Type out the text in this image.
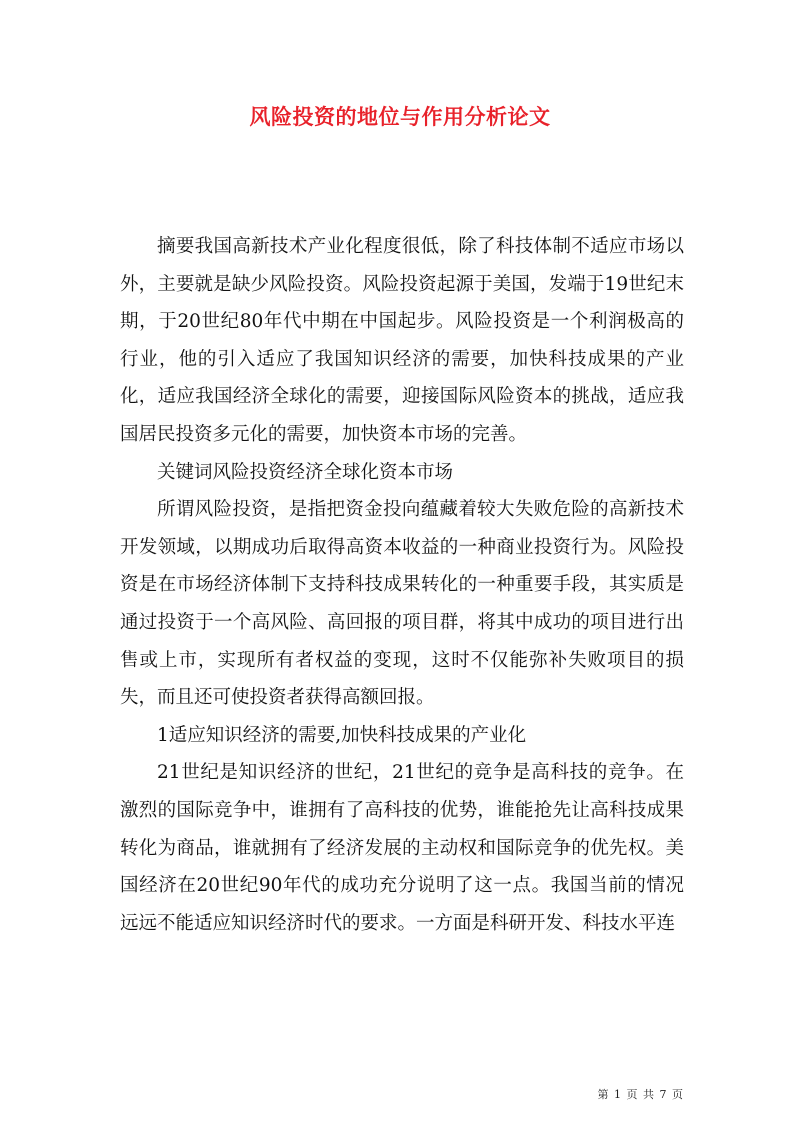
风险投资的地位与作用分析论文

摘要我国高新技术产业化程度很低，除了科技体制不适应市场以外，主要就是缺少风险投资。风险投资起源于美国，发端于19世纪末期，于20世纪80年代中期在中国起步。风险投资是一个利润极高的行业，他的引入适应了我国知识经济的需要，加快科技成果的产业化，适应我国经济全球化的需要，迎接国际风险资本的挑战，适应我国居民投资多元化的需要，加快资本市场的完善。

关键词风险投资经济全球化资本市场

所谓风险投资，是指把资金投向蕴藏着较大失败危险的高新技术开发领域，以期成功后取得高资本收益的一种商业投资行为。风险投资是在市场经济体制下支持科技成果转化的一种重要手段，其实质是通过投资于一个高风险、高回报的项目群，将其中成功的项目进行出售或上市，实现所有者权益的变现，这时不仅能弥补失败项目的损失，而且还可使投资者获得高额回报。

1适应知识经济的需要,加快科技成果的产业化

21世纪是知识经济的世纪，21世纪的竞争是高科技的竞争。在激烈的国际竞争中，谁拥有了高科技的优势，谁能抢先让高科技成果转化为商品，谁就拥有了经济发展的主动权和国际竞争的优先权。美国经济在20世纪90年代的成功充分说明了这一点。我国当前的情况远远不能适应知识经济时代的要求。一方面是科研开发、科技水平连

第 1 页 共 7 页
